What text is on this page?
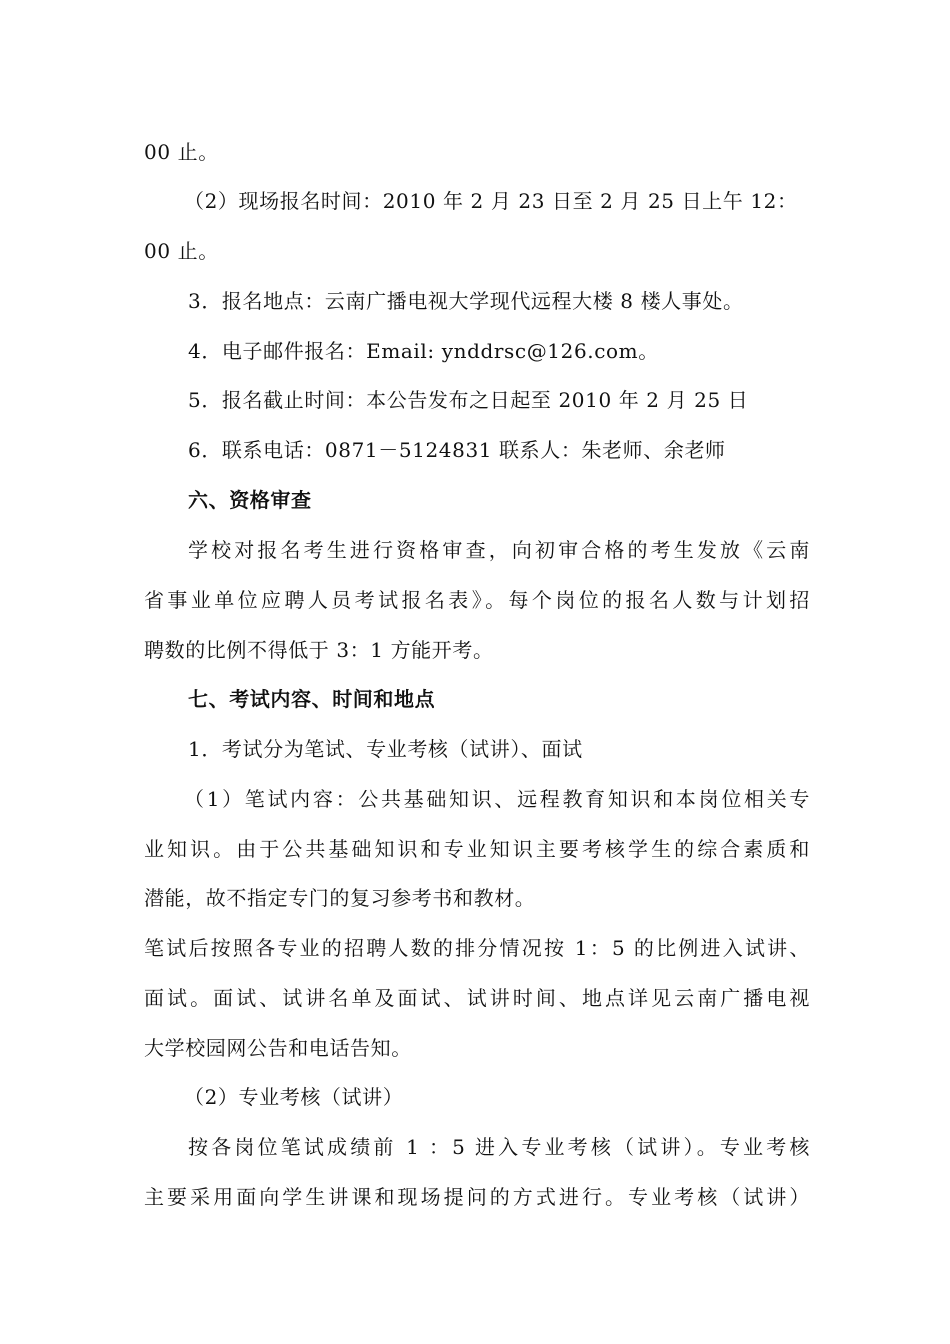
00 止。
（2）现场报名时间：2010 年 2 月 23 日至 2 月 25 日上午 12：
00 止。
3．报名地点：云南广播电视大学现代远程大楼 8 楼人事处。
4．电子邮件报名：Email: ynddrsc@126.com。
5．报名截止时间：本公告发布之日起至 2010 年 2 月 25 日
6．联系电话：0871－5124831 联系人：朱老师、余老师
六、资格审查
学校对报名考生进行资格审查，向初审合格的考生发放《云南
省事业单位应聘人员考试报名表》。每个岗位的报名人数与计划招
聘数的比例不得低于 3：1 方能开考。
七、考试内容、时间和地点
1．考试分为笔试、专业考核（试讲）、面试
（1）笔试内容：公共基础知识、远程教育知识和本岗位相关专
业知识。由于公共基础知识和专业知识主要考核学生的综合素质和
潜能，故不指定专门的复习参考书和教材。
笔试后按照各专业的招聘人数的排分情况按 1：5 的比例进入试讲、
面试。面试、试讲名单及面试、试讲时间、地点详见云南广播电视
大学校园网公告和电话告知。
（2）专业考核（试讲）
按各岗位笔试成绩前 1 ：5 进入专业考核（试讲）。专业考核
主要采用面向学生讲课和现场提问的方式进行。专业考核（试讲）
